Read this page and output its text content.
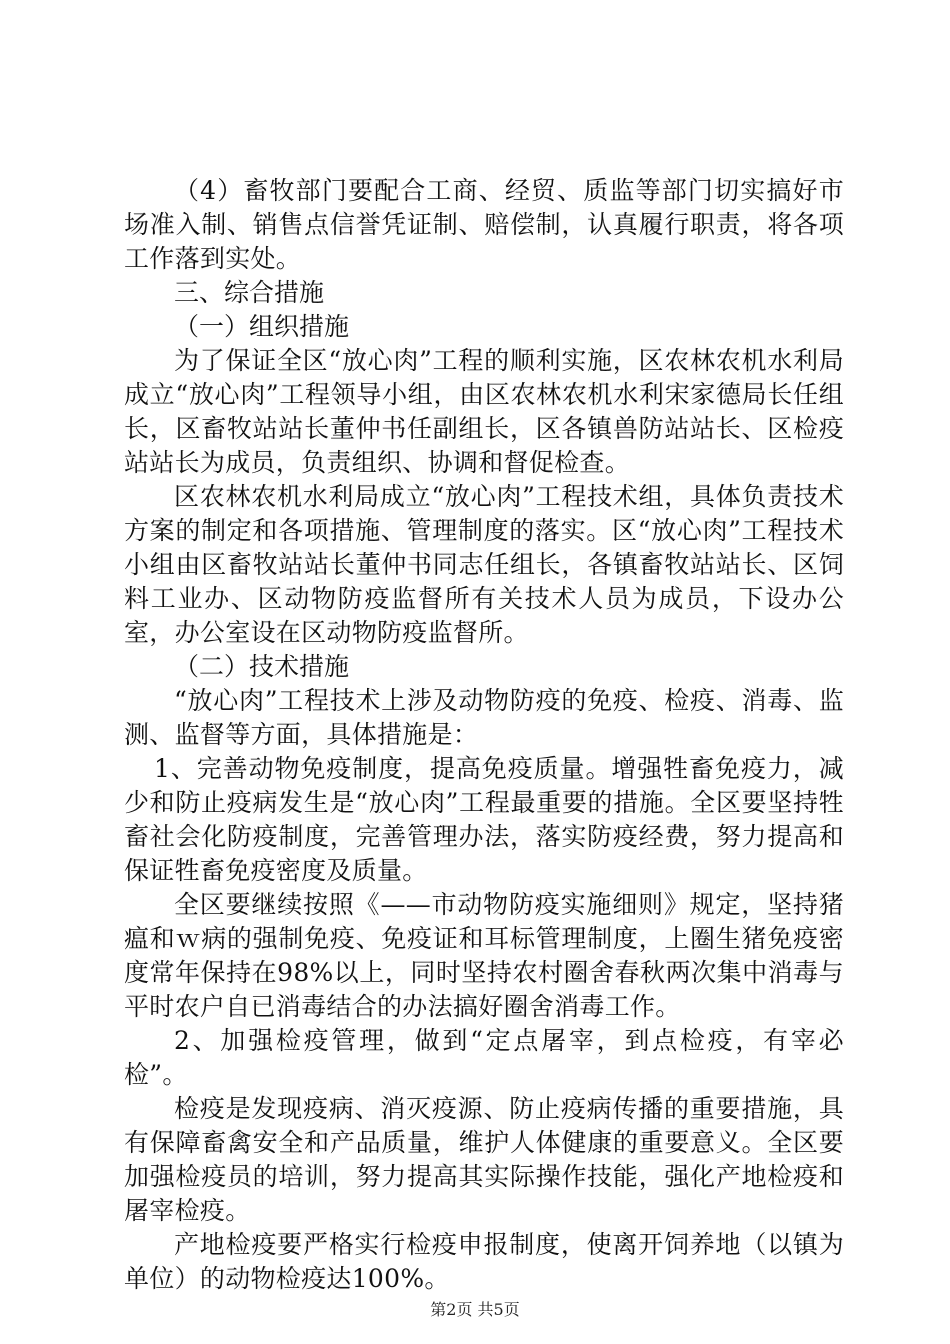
（4）畜牧部门要配合工商、经贸、质监等部门切实搞好市场准入制、销售点信誉凭证制、赔偿制，认真履行职责，将各项工作落到实处。

三、综合措施

（一）组织措施

为了保证全区“放心肉”工程的顺利实施，区农林农机水利局成立“放心肉”工程领导小组，由区农林农机水利宋家德局长任组长，区畜牧站站长董仲书任副组长，区各镇兽防站站长、区检疫站站长为成员，负责组织、协调和督促检查。

区农林农机水利局成立“放心肉”工程技术组，具体负责技术方案的制定和各项措施、管理制度的落实。区“放心肉”工程技术小组由区畜牧站站长董仲书同志任组长，各镇畜牧站站长、区饲料工业办、区动物防疫监督所有关技术人员为成员，下设办公室，办公室设在区动物防疫监督所。

（二）技术措施

“放心肉”工程技术上涉及动物防疫的免疫、检疫、消毒、监测、监督等方面，具体措施是：

1、完善动物免疫制度，提高免疫质量。增强牲畜免疫力，减少和防止疫病发生是“放心肉”工程最重要的措施。全区要坚持牲畜社会化防疫制度，完善管理办法，落实防疫经费，努力提高和保证牲畜免疫密度及质量。

全区要继续按照《——市动物防疫实施细则》规定，坚持猪瘟和ｗ病的强制免疫、免疫证和耳标管理制度，上圈生猪免疫密度常年保持在98%以上，同时坚持农村圈舍春秋两次集中消毒与平时农户自已消毒结合的办法搞好圈舍消毒工作。

2、加强检疫管理，做到“定点屠宰，到点检疫，有宰必检”。

检疫是发现疫病、消灭疫源、防止疫病传播的重要措施，具有保障畜禽安全和产品质量，维护人体健康的重要意义。全区要加强检疫员的培训，努力提高其实际操作技能，强化产地检疫和屠宰检疫。

产地检疫要严格实行检疫申报制度，使离开饲养地（以镇为单位）的动物检疫达100%。

第2页 共5页
